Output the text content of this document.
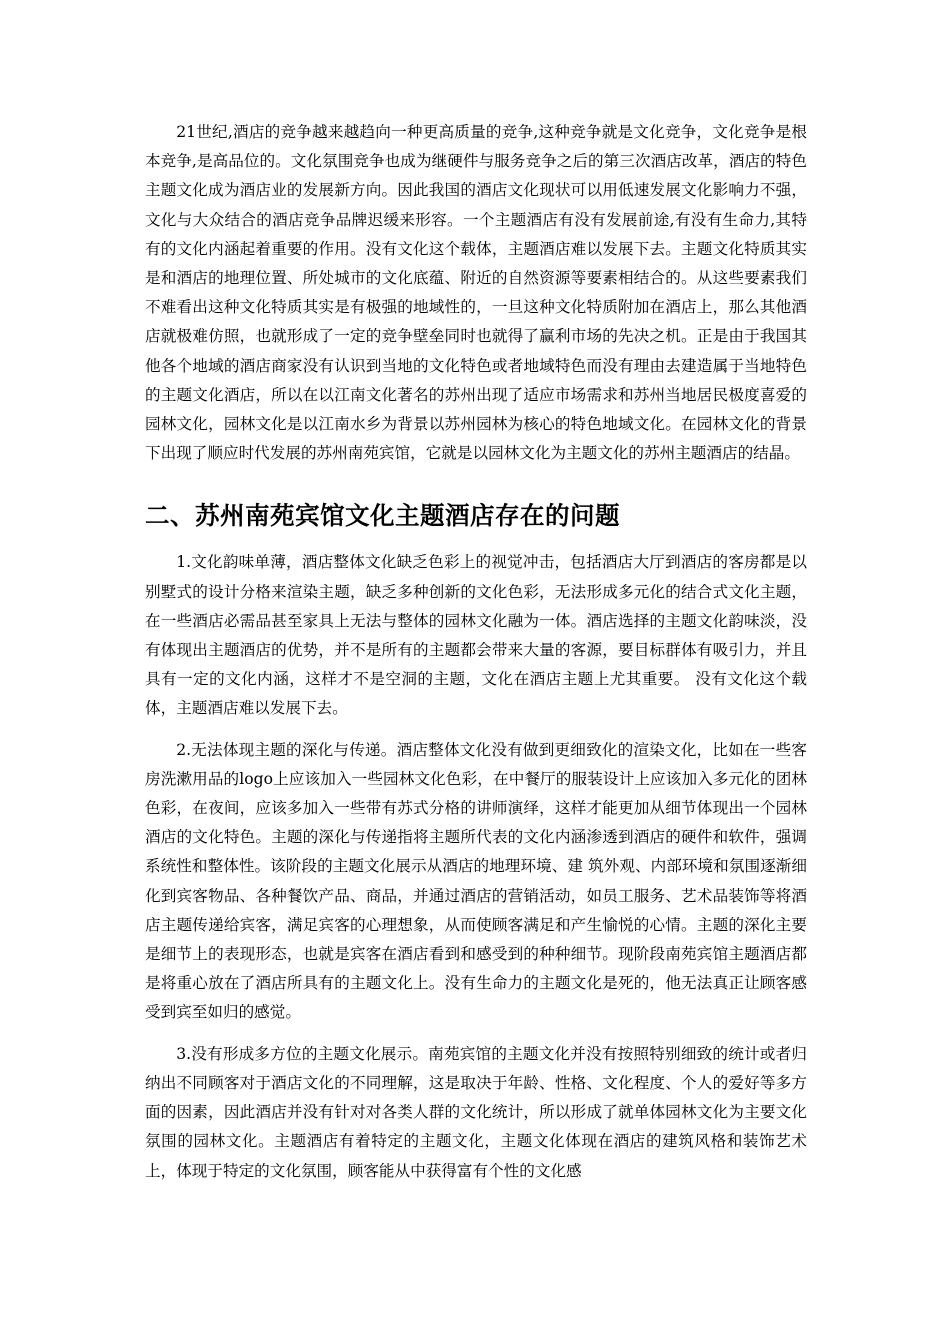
21世纪,酒店的竞争越来越趋向一种更高质量的竞争,这种竞争就是文化竞争，文化竞争是根本竞争,是高品位的。文化氛围竞争也成为继硬件与服务竞争之后的第三次酒店改革，酒店的特色主题文化成为酒店业的发展新方向。因此我国的酒店文化现状可以用低速发展文化影响力不强，文化与大众结合的酒店竞争品牌迟缓来形容。一个主题酒店有没有发展前途,有没有生命力,其特有的文化内涵起着重要的作用。没有文化这个载体，主题酒店难以发展下去。主题文化特质其实是和酒店的地理位置、所处城市的文化底蕴、附近的自然资源等要素相结合的。从这些要素我们不难看出这种文化特质其实是有极强的地域性的，一旦这种文化特质附加在酒店上，那么其他酒店就极难仿照，也就形成了一定的竞争壁垒同时也就得了赢利市场的先决之机。正是由于我国其他各个地域的酒店商家没有认识到当地的文化特色或者地域特色而没有理由去建造属于当地特色的主题文化酒店，所以在以江南文化著名的苏州出现了适应市场需求和苏州当地居民极度喜爱的园林文化，园林文化是以江南水乡为背景以苏州园林为核心的特色地域文化。在园林文化的背景下出现了顺应时代发展的苏州南苑宾馆，它就是以园林文化为主题文化的苏州主题酒店的结晶。

二、苏州南苑宾馆文化主题酒店存在的问题

1.文化韵味单薄，酒店整体文化缺乏色彩上的视觉冲击，包括酒店大厅到酒店的客房都是以别墅式的设计分格来渲染主题，缺乏多种创新的文化色彩，无法形成多元化的结合式文化主题，在一些酒店必需品甚至家具上无法与整体的园林文化融为一体。酒店选择的主题文化韵味淡，没有体现出主题酒店的优势，并不是所有的主题都会带来大量的客源，要目标群体有吸引力，并且具有一定的文化内涵，这样才不是空洞的主题，文化在酒店主题上尤其重要。 没有文化这个载体，主题酒店难以发展下去。

2.无法体现主题的深化与传递。酒店整体文化没有做到更细致化的渲染文化，比如在一些客房洗漱用品的logo上应该加入一些园林文化色彩，在中餐厅的服装设计上应该加入多元化的团林色彩，在夜间，应该多加入一些带有苏式分格的讲师演绎，这样才能更加从细节体现出一个园林酒店的文化特色。主题的深化与传递指将主题所代表的文化内涵渗透到酒店的硬件和软件，强调系统性和整体性。该阶段的主题文化展示从酒店的地理环境、建 筑外观、内部环境和氛围逐渐细化到宾客物品、各种餐饮产品、商品，并通过酒店的营销活动，如员工服务、艺术品装饰等将酒店主题传递给宾客，满足宾客的心理想象，从而使顾客满足和产生愉悦的心情。主题的深化主要是细节上的表现形态，也就是宾客在酒店看到和感受到的种种细节。现阶段南苑宾馆主题酒店都是将重心放在了酒店所具有的主题文化上。没有生命力的主题文化是死的，他无法真正让顾客感受到宾至如归的感觉。

3.没有形成多方位的主题文化展示。南苑宾馆的主题文化并没有按照特别细致的统计或者归纳出不同顾客对于酒店文化的不同理解，这是取决于年龄、性格、文化程度、个人的爱好等多方面的因素，因此酒店并没有针对对各类人群的文化统计，所以形成了就单体园林文化为主要文化氛围的园林文化。主题酒店有着特定的主题文化，主题文化体现在酒店的建筑风格和装饰艺术上，体现于特定的文化氛围，顾客能从中获得富有个性的文化感
